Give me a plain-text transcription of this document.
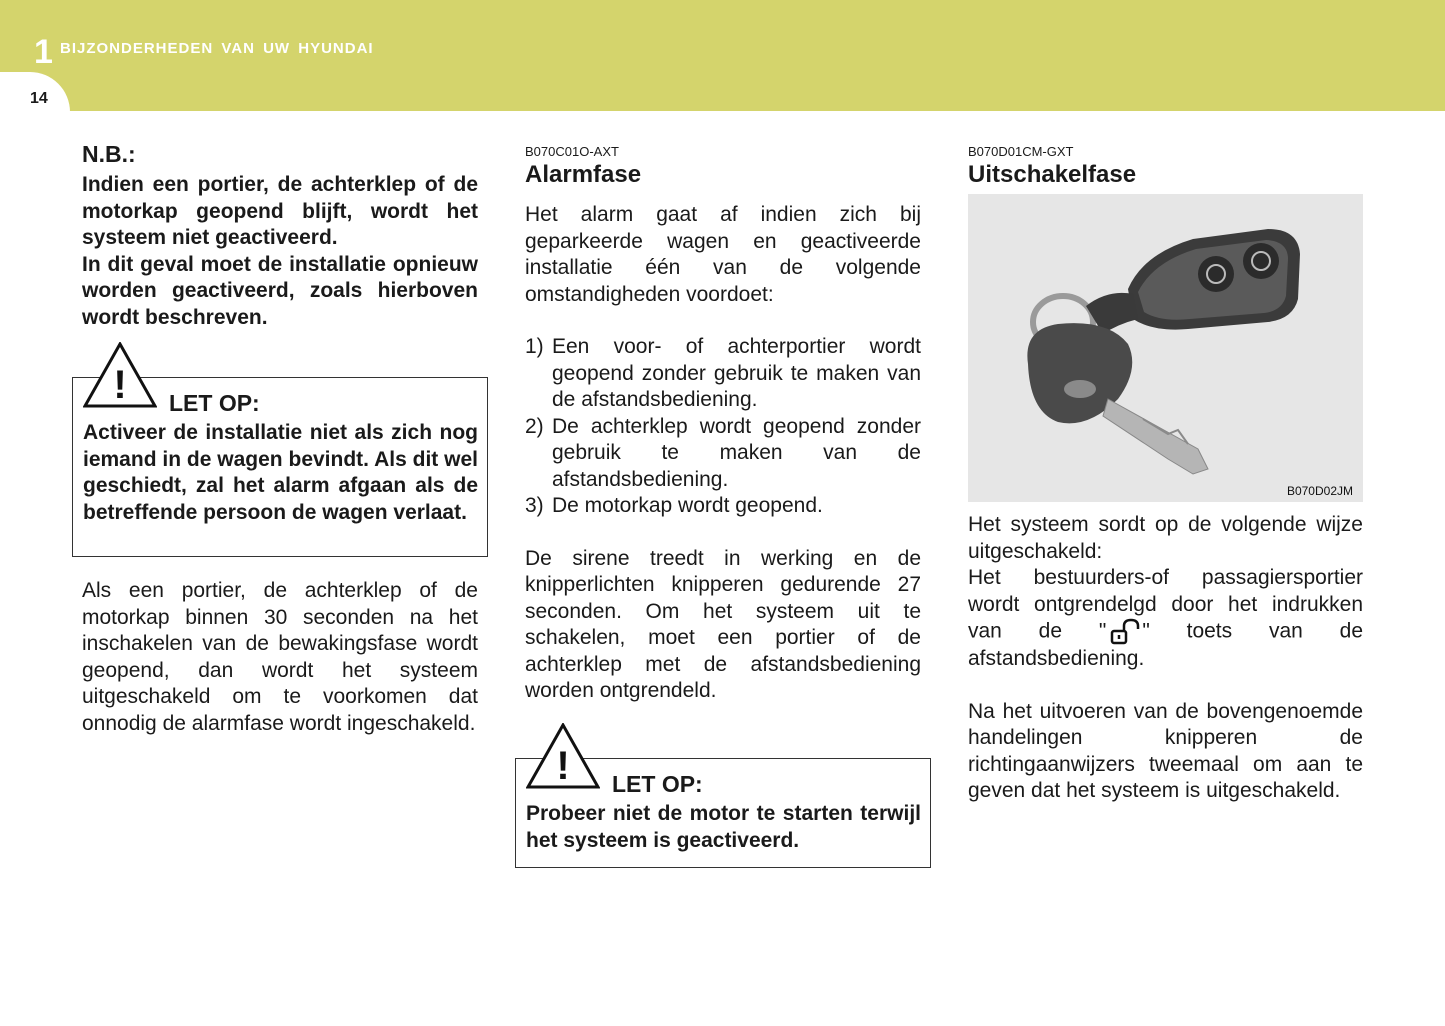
1 BIJZONDERHEDEN VAN UW HYUNDAI
14

N.B.:

Indien een portier, de achterklep of de motorkap geopend blijft, wordt het systeem niet geactiveerd.

In dit geval moet de installatie opnieuw worden geactiveerd, zoals hierboven wordt beschreven.

! LET OP:
Activeer de installatie niet als zich nog iemand in de wagen bevindt. Als dit wel geschiedt, zal het alarm afgaan als de betreffende persoon de wagen verlaat.

Als een portier, de achterklep of de motorkap binnen 30 seconden na het inschakelen van de bewakingsfase wordt geopend, dan wordt het systeem uitgeschakeld om te voorkomen dat onnodig de alarmfase wordt ingeschakeld.

B070C01O-AXT

Alarmfase

Het alarm gaat af indien zich bij geparkeerde wagen en geactiveerde installatie één van de volgende omstandigheden voordoet:

1) Een voor- of achterportier wordt geopend zonder gebruik te maken van de afstandsbediening.
2) De achterklep wordt geopend zonder gebruik te maken van de afstandsbediening.
3) De motorkap wordt geopend.

De sirene treedt in werking en de knipperlichten knipperen gedurende 27 seconden. Om het systeem uit te schakelen, moet een portier of de achterklep met de afstandsbediening worden ontgrendeld.

! LET OP:
Probeer niet de motor te starten terwijl het systeem is geactiveerd.

B070D01CM-GXT

Uitschakelfase

B070D02JM

Het systeem sordt op de volgende wijze uitgeschakeld:

Het bestuurders-of passagiersportier wordt ontgrendelgd door het indrukken van de " " toets van de afstandsbediening.

Na het uitvoeren van de bovengenoemde handelingen knipperen de richtingaanwijzers tweemaal om aan te geven dat het systeem is uitgeschakeld.
